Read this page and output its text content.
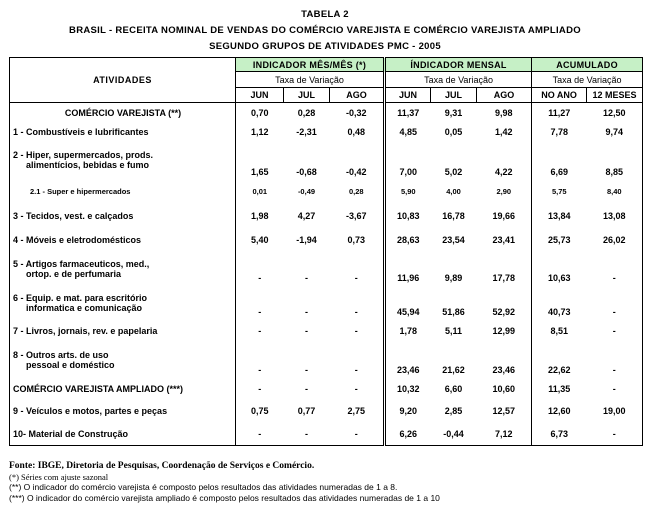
TABELA 2
BRASIL - RECEITA NOMINAL DE VENDAS DO COMÉRCIO VAREJISTA E COMÉRCIO VAREJISTA AMPLIADO
SEGUNDO GRUPOS DE ATIVIDADES PMC - 2005
ATIVIDADES	INDICADOR MÊS/MÊS (*)			ÍNDICADOR MENSAL			ACUMULADO	
	Taxa de Variação			Taxa de Variação			Taxa de Variação	
	JUN	JUL	AGO	JUN	JUL	AGO	NO ANO	12 MESES
COMÉRCIO VAREJISTA (**)	0,70	0,28	-0,32	11,37	9,31	9,98	11,27	12,50
1 - Combustíveis e lubrificantes	1,12	-2,31	0,48	4,85	0,05	1,42	7,78	9,74
2 - Hiper, supermercados, prods.
alimentícios, bebidas e fumo	1,65	-0,68	-0,42	7,00	5,02	4,22	6,69	8,85
2.1 - Super e hipermercados	0,01	-0,49	0,28	5,90	4,00	2,90	5,75	8,40
3 - Tecidos, vest. e calçados	1,98	4,27	-3,67	10,83	16,78	19,66	13,84	13,08
4 - Móveis e eletrodomésticos	5,40	-1,94	0,73	28,63	23,54	23,41	25,73	26,02
5 - Artigos farmaceuticos, med.,
ortop. e de perfumaria	-	-	-	11,96	9,89	17,78	10,63	-
6 - Equip. e mat. para escritório
informatica e comunicação	-	-	-	45,94	51,86	52,92	40,73	-
7 - Livros, jornais, rev. e papelaria	-	-	-	1,78	5,11	12,99	8,51	-
8 - Outros arts. de uso
pessoal e doméstico	-	-	-	23,46	21,62	23,46	22,62	-
COMÉRCIO VAREJISTA AMPLIADO (***)	-	-	-	10,32	6,60	10,60	11,35	-
9 - Veículos e motos, partes e peças	0,75	0,77	2,75	9,20	2,85	12,57	12,60	19,00
10- Material de Construção	-	-	-	6,26	-0,44	7,12	6,73	-
Fonte: IBGE, Diretoria de Pesquisas, Coordenação de Serviços e Comércio.
(*) Séries com ajuste sazonal
(**) O indicador do comércio varejista é composto pelos resultados das atividades numeradas de 1 a 8.
(***) O indicador do comércio varejista ampliado é composto pelos resultados das atividades numeradas de 1 a 10
